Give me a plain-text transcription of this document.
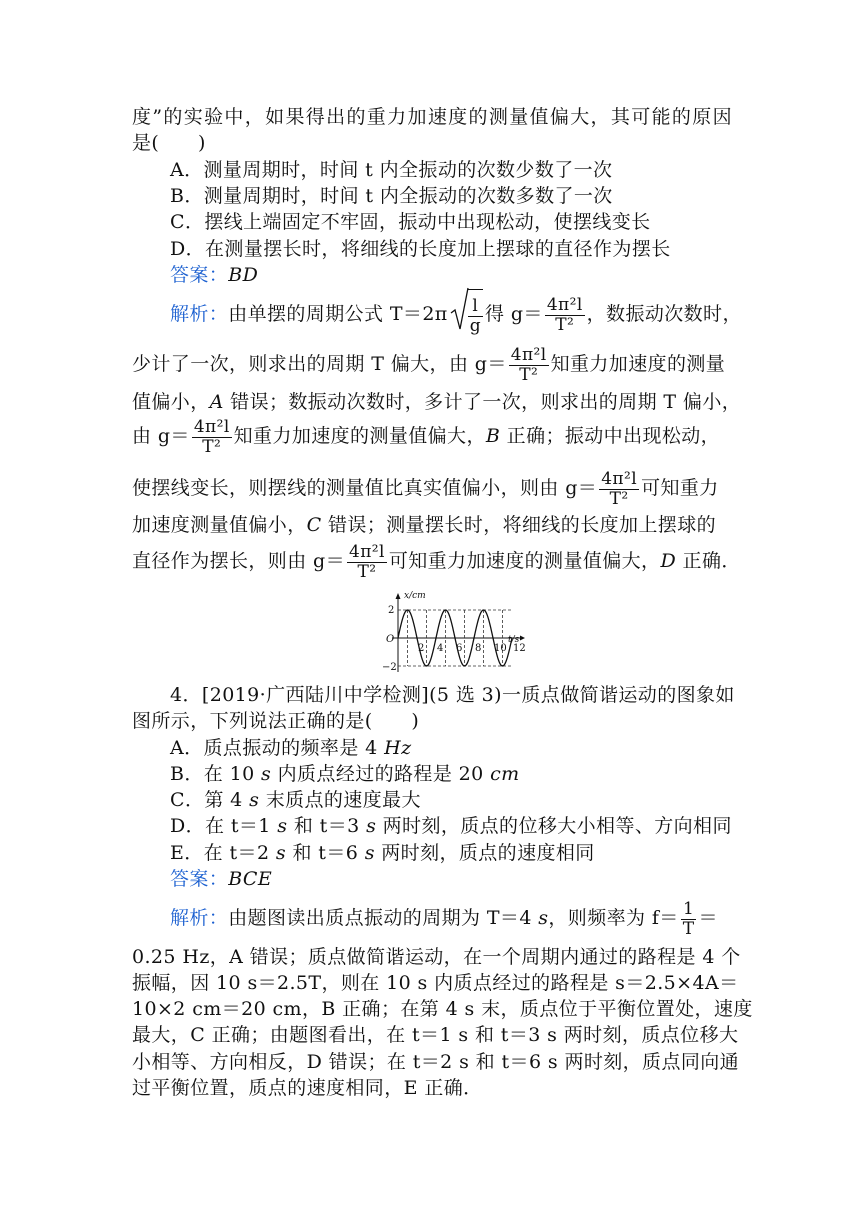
度”的实验中，如果得出的重力加速度的测量值偏大，其可能的原因
是(　　)
A．测量周期时，时间 t 内全振动的次数少数了一次
B．测量周期时，时间 t 内全振动的次数多数了一次
C．摆线上端固定不牢固，振动中出现松动，使摆线变长
D．在测量摆长时，将细线的长度加上摆球的直径作为摆长
答案：BD
解析：由单摆的周期公式 $T=2\pi \frac{l}{g}$ 得 $g= \frac{\text{4π²l}}{\text{T²}}$ ，数振动次数时，
少计了一次，则求出的周期 T 偏大，由 $g= \frac{\text{4π²l}}{\text{T²}}$ 知重力加速度的测量
值偏小，A 错误；数振动次数时，多计了一次，则求出的周期 T 偏小，
由 $g= \frac{\text{4π²l}}{\text{T²}}$ 知重力加速度的测量值偏大，B 正确；振动中出现松动，
使摆线变长，则摆线的测量值比真实值偏小，则由 $g= \frac{\text{4π²l}}{\text{T²}}$ 可知重力
加速度测量值偏小，C 错误；测量摆长时，将细线的长度加上摆球的
直径作为摆长，则由 $g= \frac{\text{4π²l}}{\text{T²}}$ 可知重力加速度的测量值偏大，D 正确．
2 4 6 8 10 12
2
−2
O
x/cm
t/s
4．[2019·广西陆川中学检测](5 选 3)一质点做简谐运动的图象如
图所示，下列说法正确的是(　　)
A．质点振动的频率是 4 Hz
B．在 10 s 内质点经过的路程是 20 cm
C．第 4 s 末质点的速度最大
D．在 t＝1 s 和 t＝3 s 两时刻，质点的位移大小相等、方向相同
E．在 t＝2 s 和 t＝6 s 两时刻，质点的速度相同
答案：BCE
解析：由题图读出质点振动的周期为 T＝4 s，则频率为 $f= \frac{1}{T}$ ＝
0.25 Hz，A 错误；质点做简谐运动，在一个周期内通过的路程是 4 个
振幅，因 10 s＝2.5T，则在 10 s 内质点经过的路程是 s＝2.5×4A＝
10×2 cm＝20 cm，B 正确；在第 4 s 末，质点位于平衡位置处，速度
最大，C 正确；由题图看出，在 t＝1 s 和 t＝3 s 两时刻，质点位移大
小相等、方向相反，D 错误；在 t＝2 s 和 t＝6 s 两时刻，质点同向通
过平衡位置，质点的速度相同，E 正确．
